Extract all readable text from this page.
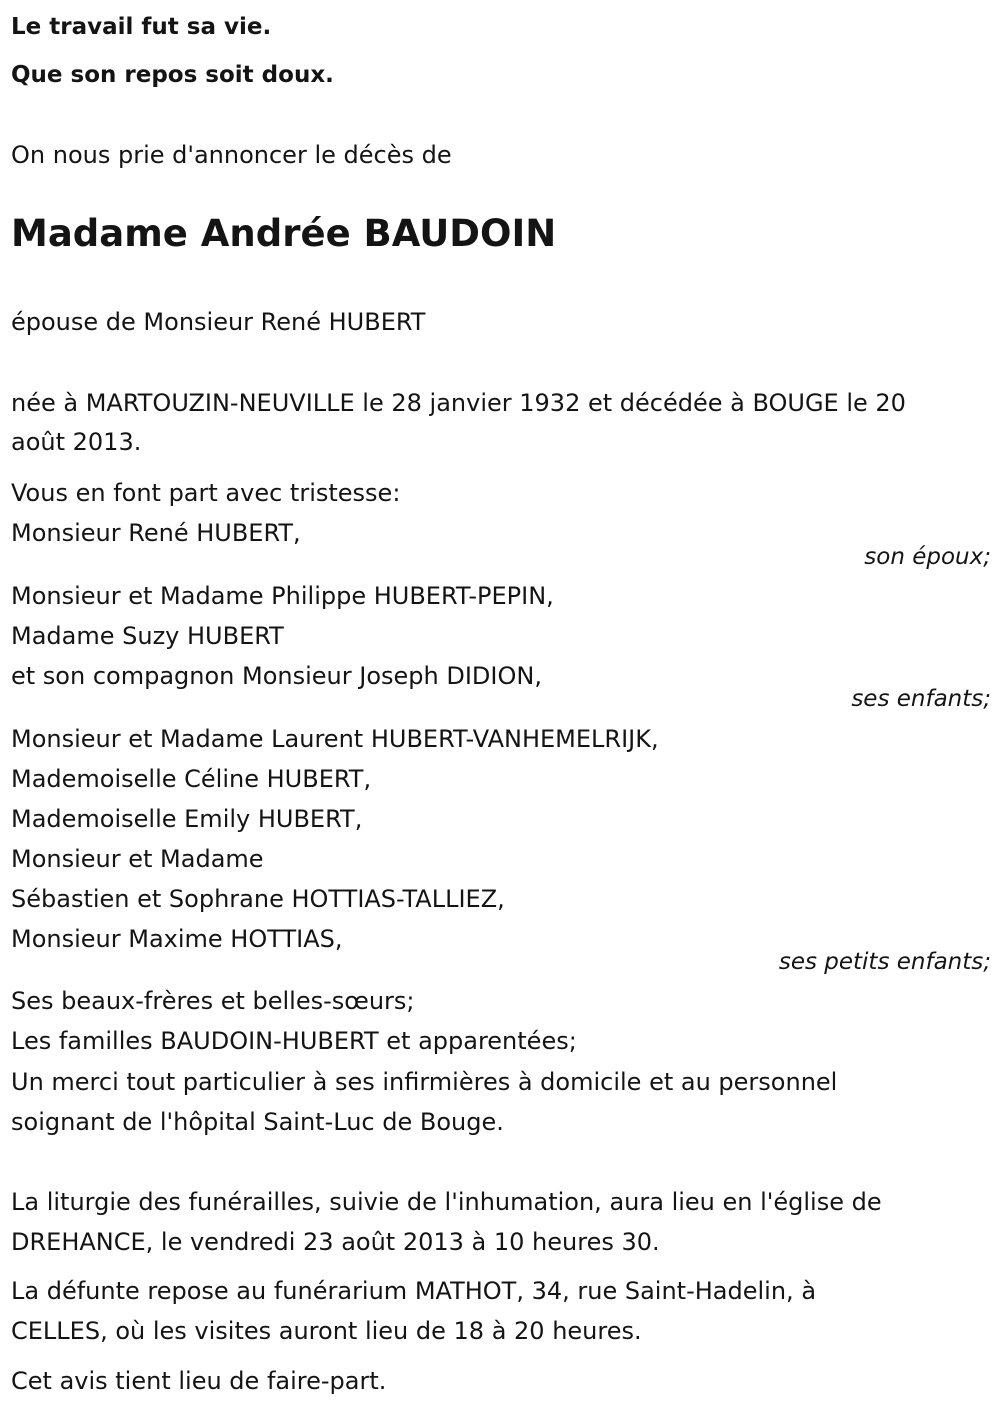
Le travail fut sa vie.
Que son repos soit doux.
On nous prie d'annoncer le décès de
Madame Andrée BAUDOIN
épouse de Monsieur René HUBERT
née à MARTOUZIN-NEUVILLE le 28 janvier 1932 et décédée à BOUGE le 20
août 2013.
Vous en font part avec tristesse:
Monsieur René HUBERT,
son époux;
Monsieur et Madame Philippe HUBERT-PEPIN,
Madame Suzy HUBERT
et son compagnon Monsieur Joseph DIDION,
ses enfants;
Monsieur et Madame Laurent HUBERT-VANHEMELRIJK,
Mademoiselle Céline HUBERT,
Mademoiselle Emily HUBERT,
Monsieur et Madame
Sébastien et Sophrane HOTTIAS-TALLIEZ,
Monsieur Maxime HOTTIAS,
ses petits enfants;
Ses beaux-frères et belles-sœurs;
Les familles BAUDOIN-HUBERT et apparentées;
Un merci tout particulier à ses infirmières à domicile et au personnel
soignant de l'hôpital Saint-Luc de Bouge.
La liturgie des funérailles, suivie de l'inhumation, aura lieu en l'église de
DREHANCE, le vendredi 23 août 2013 à 10 heures 30.
La défunte repose au funérarium MATHOT, 34, rue Saint-Hadelin, à
CELLES, où les visites auront lieu de 18 à 20 heures.
Cet avis tient lieu de faire-part.
